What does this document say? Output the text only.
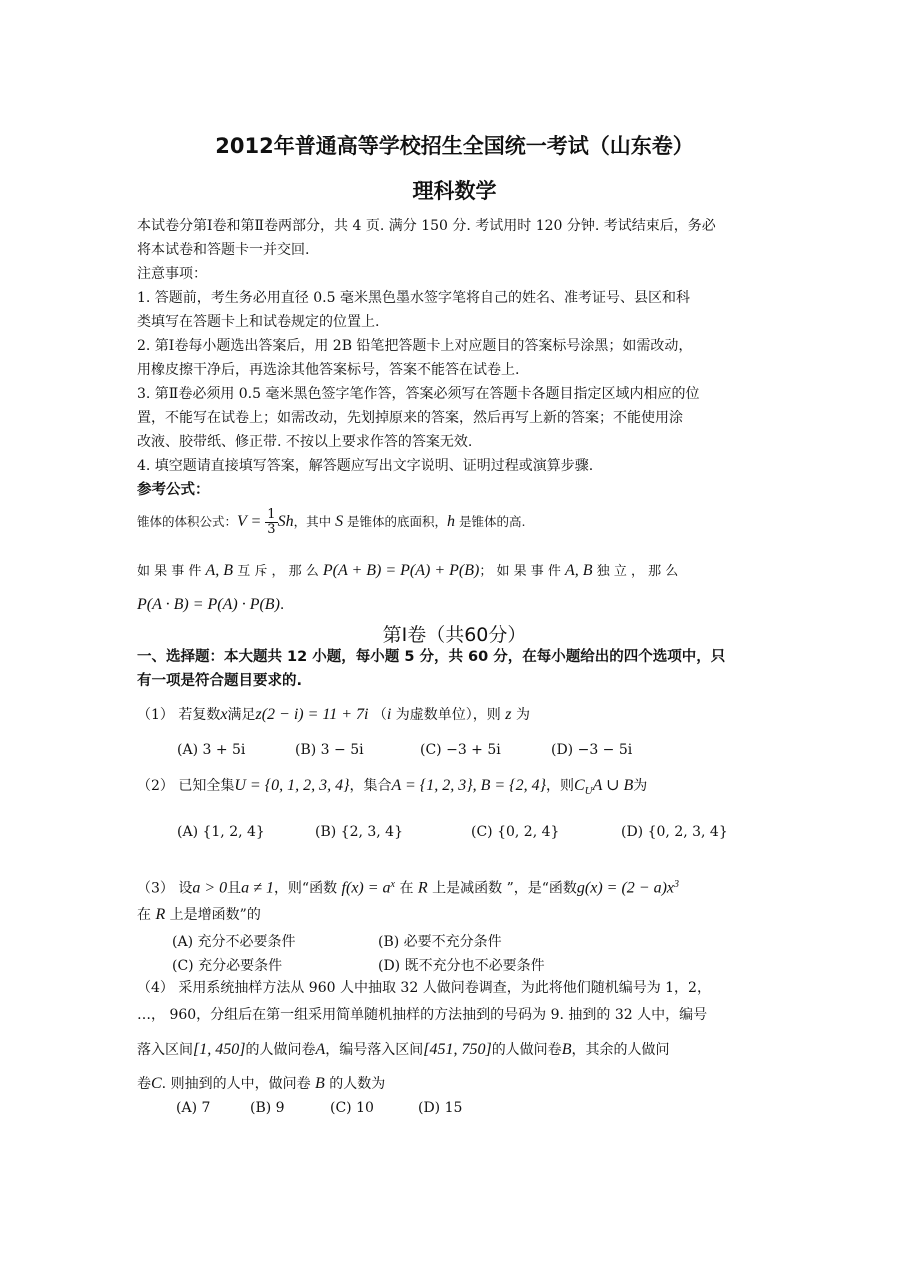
2012年普通高等学校招生全国统一考试（山东卷）
理科数学
本试卷分第Ⅰ卷和第Ⅱ卷两部分，共 4 页. 满分 150 分. 考试用时 120 分钟. 考试结束后，务必
将本试卷和答题卡一并交回.
注意事项：
1. 答题前，考生务必用直径 0.5 毫米黑色墨水签字笔将自己的姓名、准考证号、县区和科
类填写在答题卡上和试卷规定的位置上.
2. 第Ⅰ卷每小题选出答案后，用 2B 铅笔把答题卡上对应题目的答案标号涂黑；如需改动，
用橡皮擦干净后，再选涂其他答案标号，答案不能答在试卷上.
3. 第Ⅱ卷必须用 0.5 毫米黑色签字笔作答，答案必须写在答题卡各题目指定区域内相应的位
置，不能写在试卷上；如需改动，先划掉原来的答案，然后再写上新的答案；不能使用涂
改液、胶带纸、修正带. 不按以上要求作答的答案无效.
4. 填空题请直接填写答案，解答题应写出文字说明、证明过程或演算步骤.
参考公式：
锥体的体积公式：$V = \frac{1}{3}$ Sh，其中 S 是锥体的底面积，h 是锥体的高.
如 果 事 件 A, B 互 斥 ， 那 么 P(A + B) = P(A) + P(B)； 如 果 事 件 A, B 独 立 ， 那 么
P(A · B) = P(A) · P(B).
第Ⅰ卷（共60分）
一、选择题：本大题共 12 小题，每小题 5 分，共 60 分，在每小题给出的四个选项中，只
有一项是符合题目要求的.
（1） 若复数x满足z(2 − i) = 11 + 7i （i 为虚数单位），则 z 为
(A) 3 + 5i	(B) 3 − 5i	(C) −3 + 5i	(D) −3 − 5i
（2） 已知全集U = {0, 1, 2, 3, 4}，集合A = {1, 2, 3}, B = {2, 4}，则$C_UA$ ∪ B为
(A) {1, 2, 4}	(B) {2, 3, 4}	(C) {0, 2, 4}	(D) {0, 2, 3, 4}
（3） 设a > 0且a ≠ 1，则“函数 $f(x) = a^x$ 在 R 上是减函数 ”，是“函数$g(x) = (2 - a)x^3$
在 R 上是增函数”的
(A) 充分不必要条件	(B) 必要不充分条件
(C) 充分必要条件	(D) 既不充分也不必要条件
（4） 采用系统抽样方法从 960 人中抽取 32 人做问卷调查，为此将他们随机编号为 1，2，
…， 960，分组后在第一组采用简单随机抽样的方法抽到的号码为 9. 抽到的 32 人中，编号
落入区间[1, 450]的人做问卷A，编号落入区间[451, 750]的人做问卷B，其余的人做问
卷C. 则抽到的人中，做问卷 B 的人数为
(A) 7	(B) 9	(C) 10	(D) 15
